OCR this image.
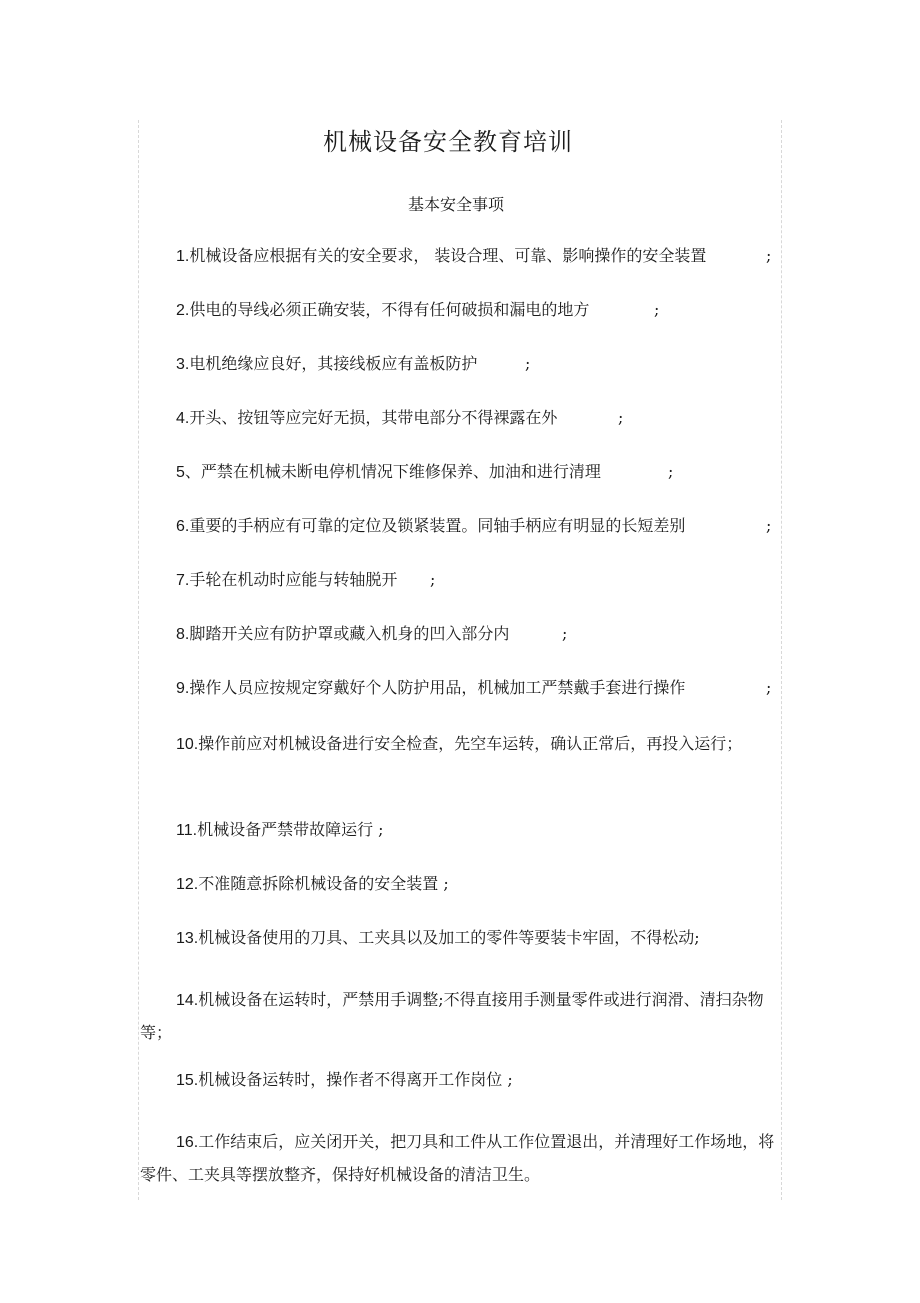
机械设备安全教育培训
基本安全事项

1.机械设备应根据有关的安全要求， 装设合理、可靠、影响操作的安全装置	;

2.供电的导线必须正确安装，不得有任何破损和漏电的地方	;

3.电机绝缘应良好，其接线板应有盖板防护	;

4.开头、按钮等应完好无损，其带电部分不得裸露在外	;

5、严禁在机械未断电停机情况下维修保养、加油和进行清理	;

6.重要的手柄应有可靠的定位及锁紧装置。同轴手柄应有明显的长短差别	;

7.手轮在机动时应能与转轴脱开	;

8.脚踏开关应有防护罩或藏入机身的凹入部分内	;

9.操作人员应按规定穿戴好个人防护用品，机械加工严禁戴手套进行操作	;

10.操作前应对机械设备进行安全检查，先空车运转，确认正常后，再投入运行；

11.机械设备严禁带故障运行 ;

12.不准随意拆除机械设备的安全装置 ;

13.机械设备使用的刀具、工夹具以及加工的零件等要装卡牢固，不得松动;

14.机械设备在运转时，严禁用手调整;不得直接用手测量零件或进行润滑、清扫杂物等；

15.机械设备运转时，操作者不得离开工作岗位 ;

16.工作结束后，应关闭开关，把刀具和工件从工作位置退出，并清理好工作场地，将零件、工夹具等摆放整齐，保持好机械设备的清洁卫生。
